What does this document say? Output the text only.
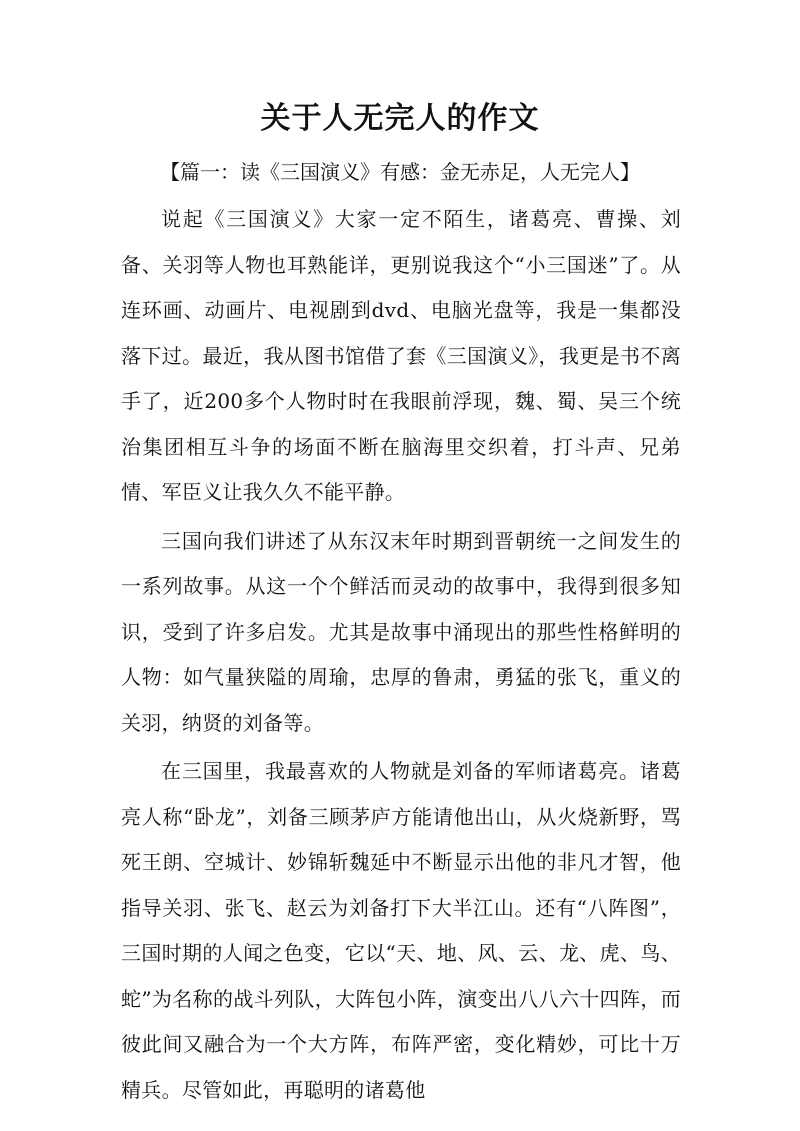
关于人无完人的作文

【篇一：读《三国演义》有感：金无赤足，人无完人】

说起《三国演义》大家一定不陌生，诸葛亮、曹操、刘备、关羽等人物也耳熟能详，更别说我这个“小三国迷”了。从连环画、动画片、电视剧到dvd、电脑光盘等，我是一集都没落下过。最近，我从图书馆借了套《三国演义》，我更是书不离手了，近200多个人物时时在我眼前浮现，魏、蜀、吴三个统治集团相互斗争的场面不断在脑海里交织着，打斗声、兄弟情、军臣义让我久久不能平静。

三国向我们讲述了从东汉末年时期到晋朝统一之间发生的一系列故事。从这一个个鲜活而灵动的故事中，我得到很多知识，受到了许多启发。尤其是故事中涌现出的那些性格鲜明的人物：如气量狭隘的周瑜，忠厚的鲁肃，勇猛的张飞，重义的关羽，纳贤的刘备等。

在三国里，我最喜欢的人物就是刘备的军师诸葛亮。诸葛亮人称“卧龙”，刘备三顾茅庐方能请他出山，从火烧新野，骂死王朗、空城计、妙锦斩魏延中不断显示出他的非凡才智，他指导关羽、张飞、赵云为刘备打下大半江山。还有“八阵图”，三国时期的人闻之色变，它以“天、地、风、云、龙、虎、鸟、蛇”为名称的战斗列队，大阵包小阵，演变出八八六十四阵，而彼此间又融合为一个大方阵，布阵严密，变化精妙，可比十万精兵。尽管如此，再聪明的诸葛他
